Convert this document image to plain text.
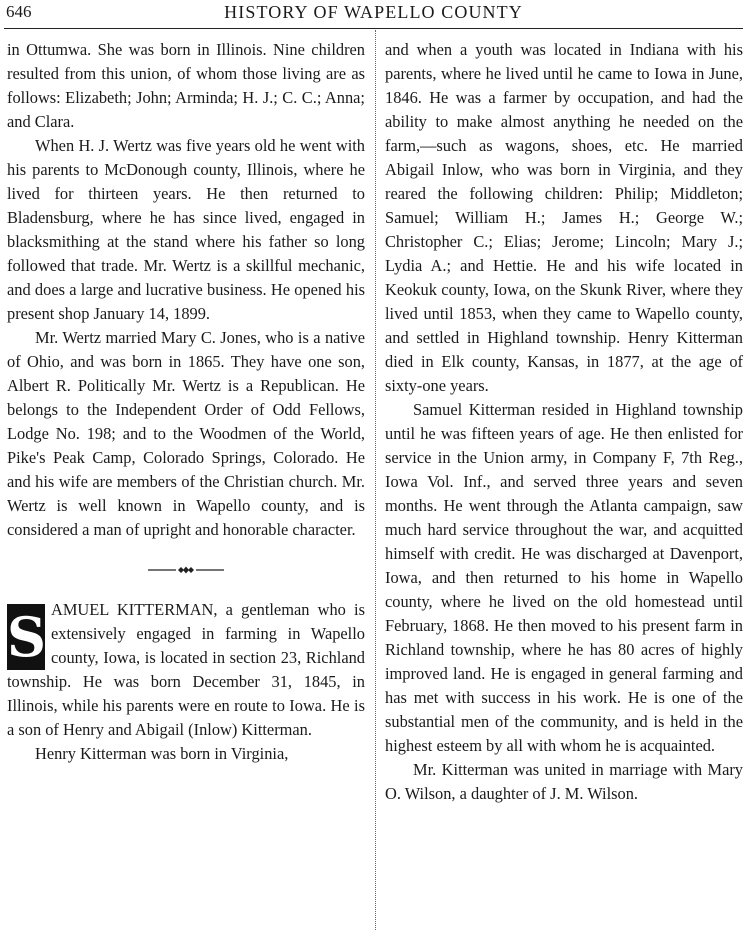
646	HISTORY OF WAPELLO COUNTY

in Ottumwa. She was born in Illinois. Nine children resulted from this union, of whom those living are as follows: Elizabeth; John; Arminda; H. J.; C. C.; Anna; and Clara.

When H. J. Wertz was five years old he went with his parents to McDonough county, Illinois, where he lived for thirteen years. He then returned to Bladensburg, where he has since lived, engaged in blacksmithing at the stand where his father so long followed that trade. Mr. Wertz is a skillful mechanic, and does a large and lucrative business. He opened his present shop January 14, 1899.

Mr. Wertz married Mary C. Jones, who is a native of Ohio, and was born in 1865. They have one son, Albert R. Politically Mr. Wertz is a Republican. He belongs to the Independent Order of Odd Fellows, Lodge No. 198; and to the Woodmen of the World, Pike's Peak Camp, Colorado Springs, Colorado. He and his wife are members of the Christian church. Mr. Wertz is well known in Wapello county, and is considered a man of upright and honorable character.

S AMUEL KITTERMAN, a gentleman who is extensively engaged in farming in Wapello county, Iowa, is located in section 23, Richland township. He was born December 31, 1845, in Illinois, while his parents were en route to Iowa. He is a son of Henry and Abigail (Inlow) Kitterman.

Henry Kitterman was born in Virginia,

and when a youth was located in Indiana with his parents, where he lived until he came to Iowa in June, 1846. He was a farmer by occupation, and had the ability to make almost anything he needed on the farm,—such as wagons, shoes, etc. He married Abigail Inlow, who was born in Virginia, and they reared the following children: Philip; Middleton; Samuel; William H.; James H.; George W.; Christopher C.; Elias; Jerome; Lincoln; Mary J.; Lydia A.; and Hettie. He and his wife located in Keokuk county, Iowa, on the Skunk River, where they lived until 1853, when they came to Wapello county, and settled in Highland township. Henry Kitterman died in Elk county, Kansas, in 1877, at the age of sixty-one years.

Samuel Kitterman resided in Highland township until he was fifteen years of age. He then enlisted for service in the Union army, in Company F, 7th Reg., Iowa Vol. Inf., and served three years and seven months. He went through the Atlanta campaign, saw much hard service throughout the war, and acquitted himself with credit. He was discharged at Davenport, Iowa, and then returned to his home in Wapello county, where he lived on the old homestead until February, 1868. He then moved to his present farm in Richland township, where he has 80 acres of highly improved land. He is engaged in general farming and has met with success in his work. He is one of the substantial men of the community, and is held in the highest esteem by all with whom he is acquainted.

Mr. Kitterman was united in marriage with Mary O. Wilson, a daughter of J. M. Wilson.
